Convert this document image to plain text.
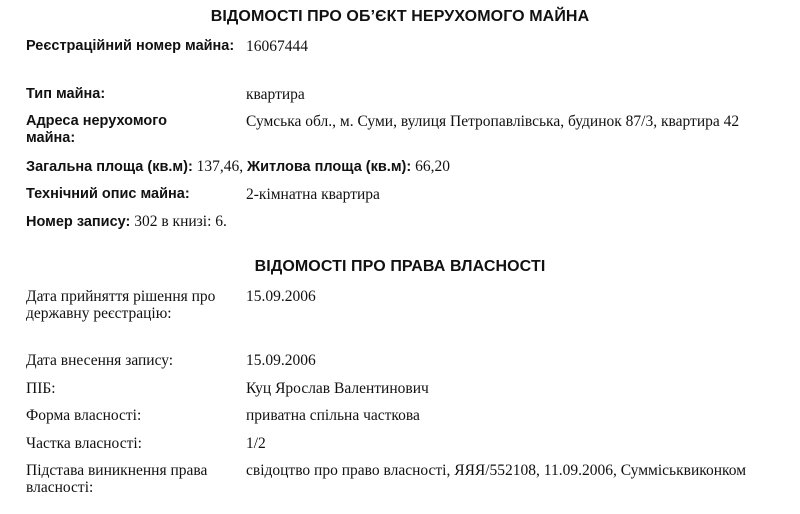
ВІДОМОСТІ ПРО ОБ’ЄКТ НЕРУХОМОГО МАЙНА
Реєстраційний номер майна: 16067444
Тип майна:	квартира
Адреса нерухомого майна:
Сумська обл., м. Суми, вулиця Петропавлівська, будинок 87/3, квартира 42
Загальна площа (кв.м): 137,46, Житлова площа (кв.м): 66,20
Технічний опис майна:	2-кімнатна квартира
Номер запису: 302 в книзі: 6.
ВІДОМОСТІ ПРО ПРАВА ВЛАСНОСТІ
Дата прийняття рішення про державну реєстрацію:
15.09.2006
Дата внесення запису:	15.09.2006
ПІБ:	Куц Ярослав Валентинович
Форма власності:	приватна спільна часткова
Частка власності:	1/2
Підстава виникнення права власності:
свідоцтво про право власності, ЯЯЯ/552108, 11.09.2006, Сумміськвиконком
